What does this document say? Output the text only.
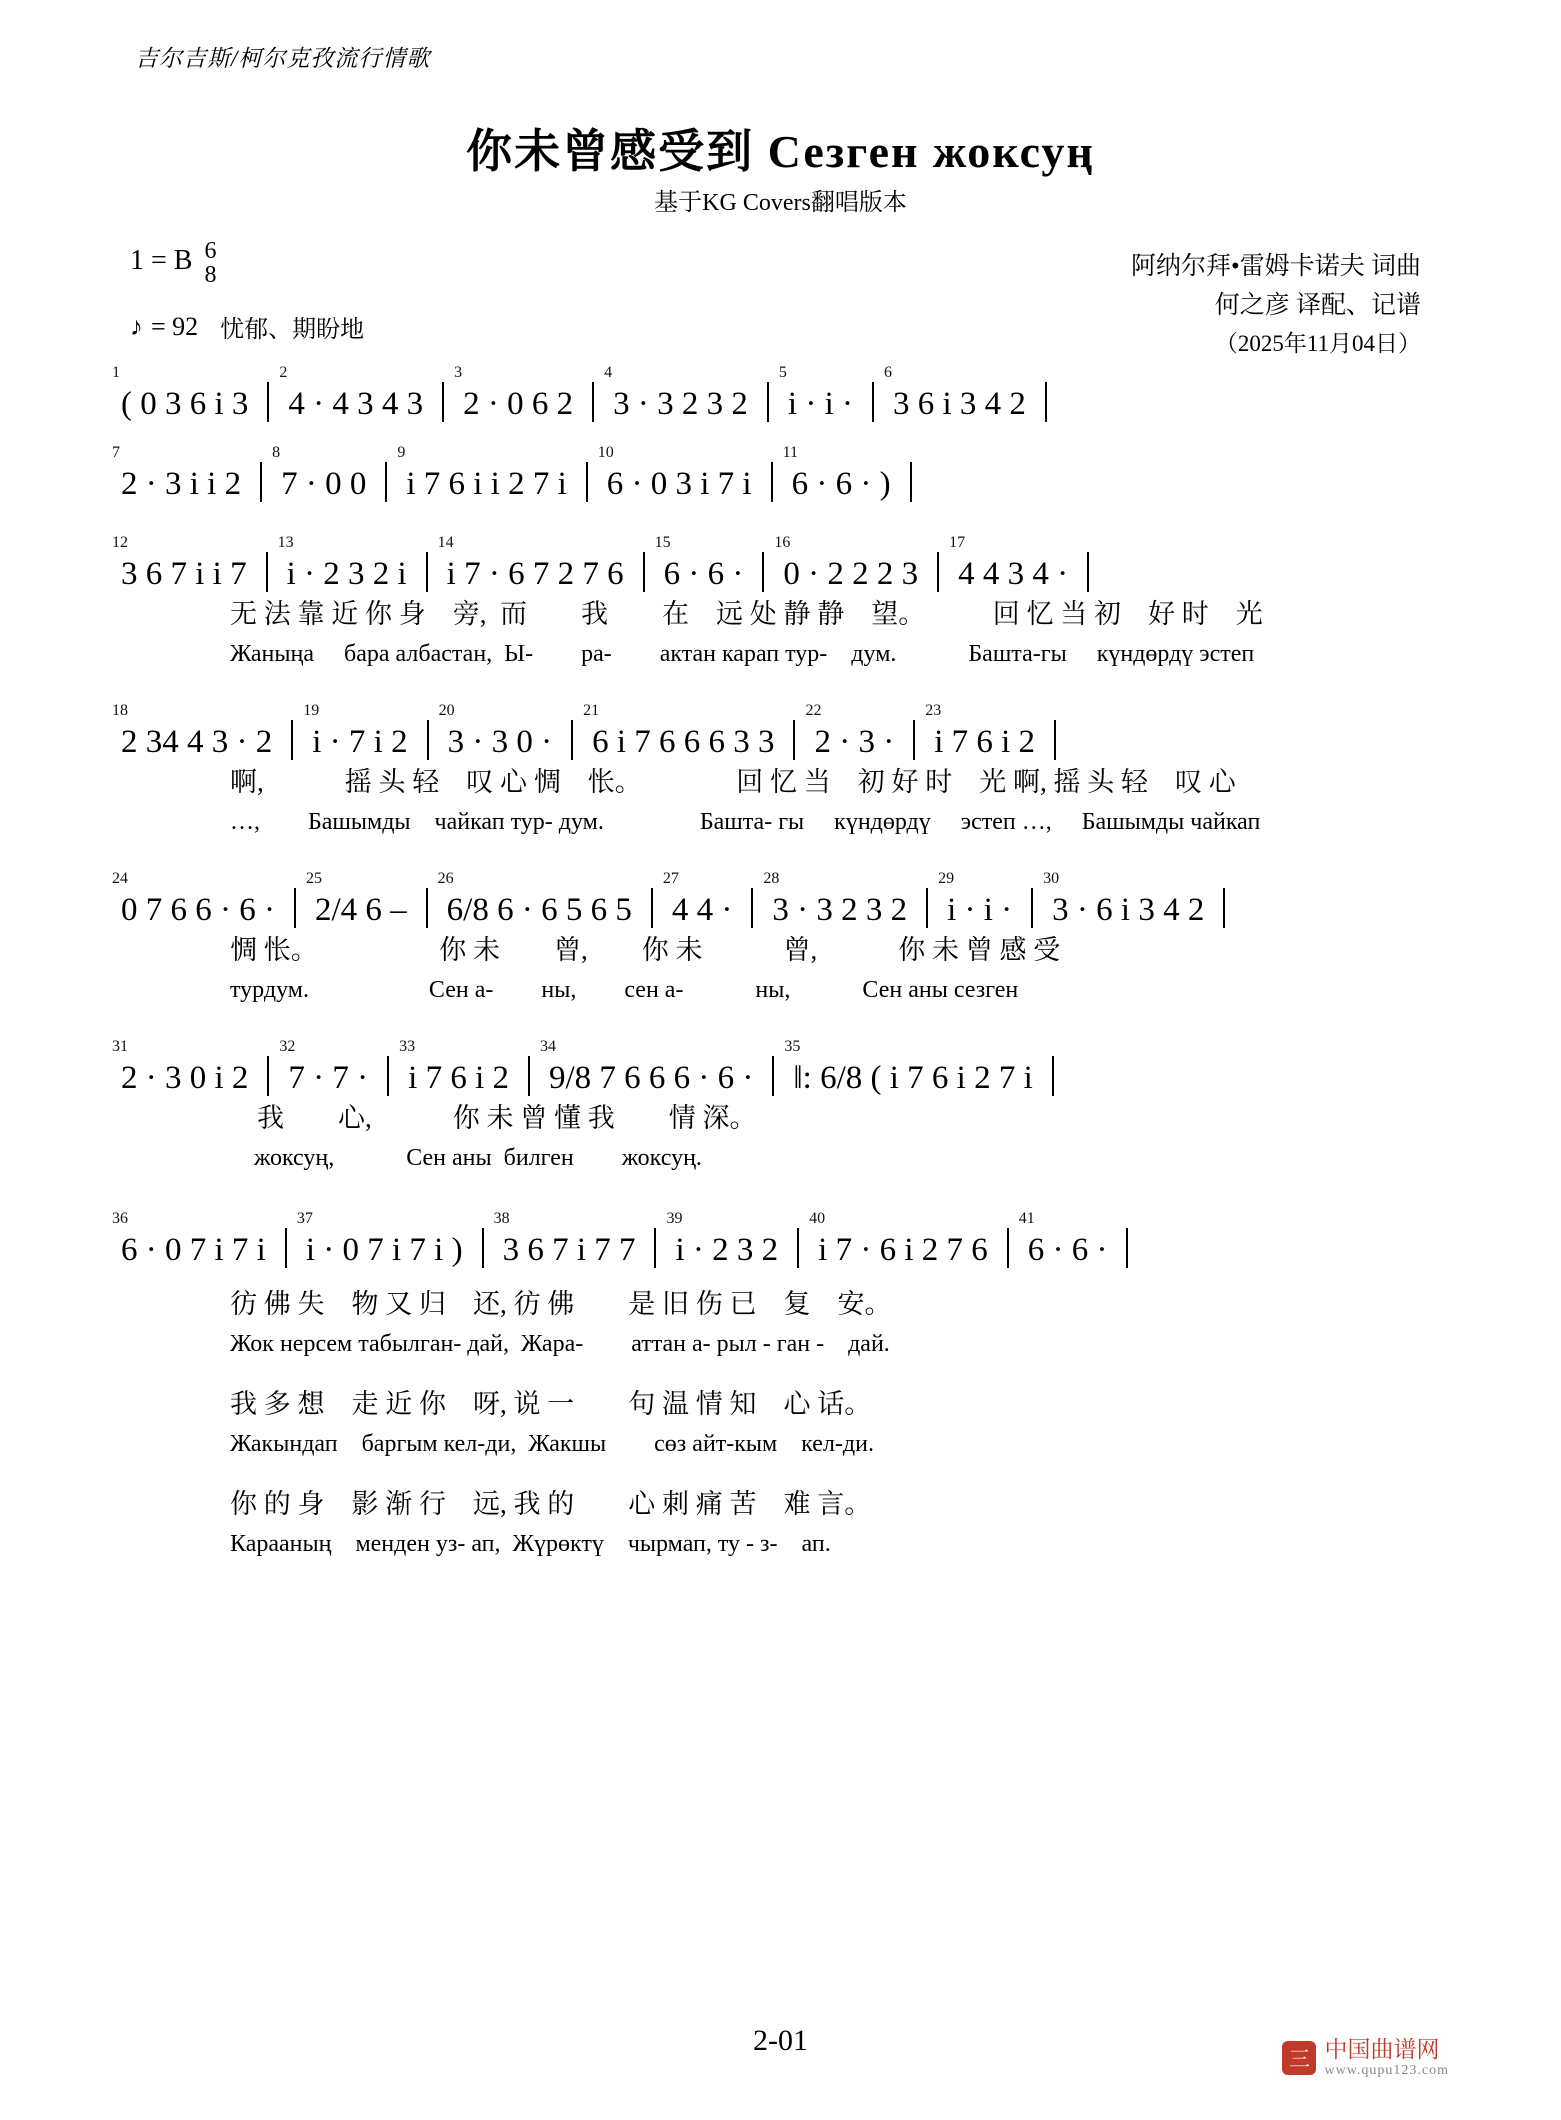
吉尔吉斯/柯尔克孜流行情歌
你未曾感受到 Сезген жоксуң
基于KG Covers翻唱版本
1 = B 6
8
♪ = 92 忧郁、期盼地
阿纳尔拜•雷姆卡诺夫 词曲
何之彦 译配、记谱
（2025年11月04日）
1
( 0 3 6 i 3
2
4 · 4 3 4 3
3
2 · 0 6 2
4
3 · 3 2 3 2
5
i · i ·
6
3 6 i 3 4 2
7
2 · 3 i i 2
8
7 · 0 0
9
i 7 6 i i 2 7 i
10
6 · 0 3 i 7 i
11
6 · 6 · )
12
3 6 7 i i 7
13
i · 2 3 2 i
14
i 7 · 6 7 2 7 6
15
6 · 6 ·
16
0 · 2 2 2 3
17
4 4 3 4 ·
无 法 靠 近 你 身　旁,  而　　我　　在　远 处 静 静　望。　　　回 忆 当 初　好 时　光
Жаныңа 　бара албастан,  Ы-　　ра-　　актан карап тур-　дум.　　　Башта-гы　 күндөрдү эстеп
18
2 34 4 3 · 2
19
i · 7 i 2
20
3 · 3 0 ·
21
6 i 7 6 6 6 3 3
22
2 · 3 ·
23
i 7 6 i 2
啊,　　　摇 头 轻　叹 心 惆　怅。　　　　回 忆 当　初 好 时　光 啊, 摇 头 轻　叹 心
…,　　Башымды　чайкап тур- дум.　　　　Башта- гы　 күндөрдү　 эстеп …, 　Башымды чайкап
24
0 7 6 6 · 6 ·
25
2/4 6 –
26
6/8 6 · 6 5 6 5
27
4 4 ·
28
3 · 3 2 3 2
29
i · i ·
30
3 · 6 i 3 4 2
惆 怅。　　　　　你 未　　曾,　　你 未　　　曾,　　　你 未 曾 感 受
турдум.　　　　　Сен а-　　ны,　　сен а-　　　ны,　　　Сен аны сезген
31
2 · 3 0 i 2
32
7 · 7 ·
33
i 7 6 i 2
34
9/8 7 6 6 6 · 6 ·
35
‖: 6/8 ( i 7 6 i 2 7 i
　我　　心,　　　你 未 曾 懂 我　　情 深。
　жоксуң,　　　Сен аны  билген　　жоксуң.
36
6 · 0 7 i 7 i
37
i · 0 7 i 7 i )
38
3 6 7 i 7 7
39
i · 2 3 2
40
i 7 · 6 i 2 7 6
41
6 · 6 ·
彷 佛 失　物 又 归　还, 彷 佛　　是 旧 伤 已　复　安。
Жок нерсем табылган- дай,  Жара-　　аттан а- рыл - ган -　дай.
我 多 想　走 近 你　呀, 说 一　　句 温 情 知　心 话。
Жакындап　баргым кел-ди,  Жакшы　　сөз айт-кым　кел-ди.
你 的 身　影 渐 行　远, 我 的　　心 刺 痛 苦　难 言。
Карааның　менден уз- ап,  Жүрөктү　чырмап, ту - з-　ап.
2-01
三 中国曲谱网
www.qupu123.com
